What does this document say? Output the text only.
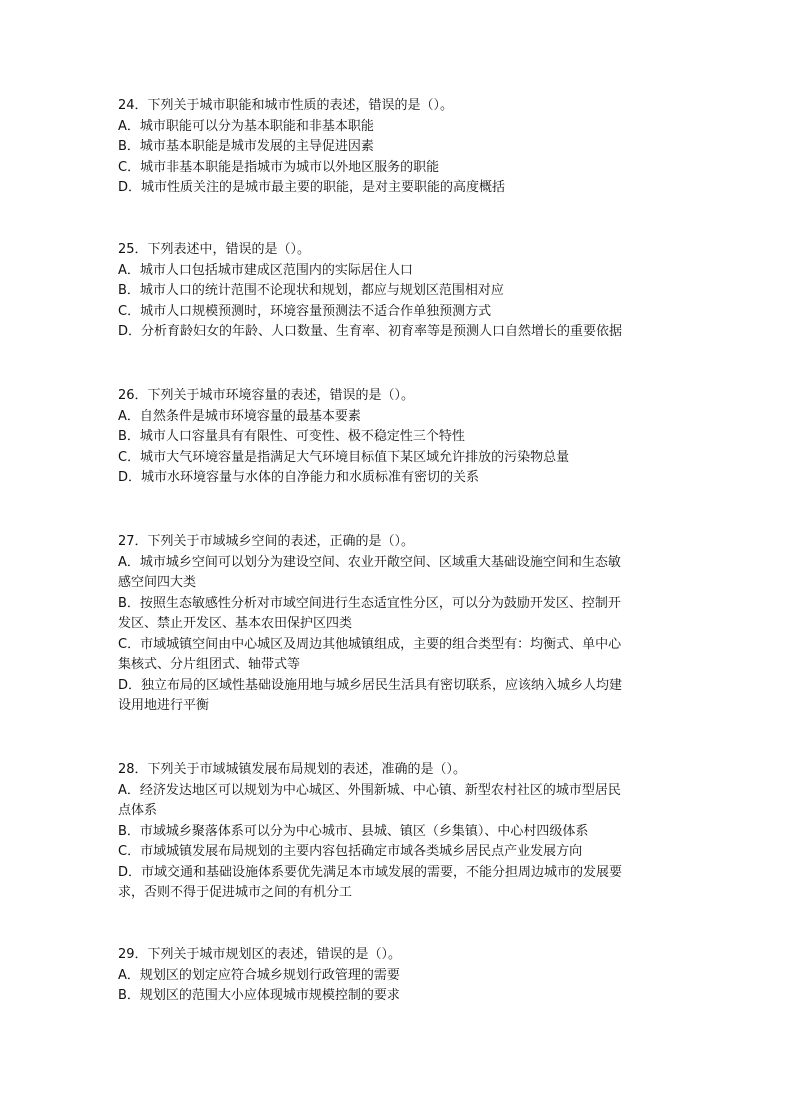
24．下列关于城市职能和城市性质的表述，错误的是（）。
A．城市职能可以分为基本职能和非基本职能
B．城市基本职能是城市发展的主导促进因素
C．城市非基本职能是指城市为城市以外地区服务的职能
D．城市性质关注的是城市最主要的职能，是对主要职能的高度概括
25．下列表述中，错误的是（）。
A．城市人口包括城市建成区范围内的实际居住人口
B．城市人口的统计范围不论现状和规划，都应与规划区范围相对应
C．城市人口规模预测时，环境容量预测法不适合作单独预测方式
D．分析育龄妇女的年龄、人口数量、生育率、初育率等是预测人口自然增长的重要依据
26．下列关于城市环境容量的表述，错误的是（）。
A．自然条件是城市环境容量的最基本要素
B．城市人口容量具有有限性、可变性、极不稳定性三个特性
C．城市大气环境容量是指满足大气环境目标值下某区域允许排放的污染物总量
D．城市水环境容量与水体的自净能力和水质标准有密切的关系
27．下列关于市域城乡空间的表述，正确的是（）。
A．城市城乡空间可以划分为建设空间、农业开敞空间、区域重大基础设施空间和生态敏
感空间四大类
B．按照生态敏感性分析对市域空间进行生态适宜性分区，可以分为鼓励开发区、控制开
发区、禁止开发区、基本农田保护区四类
C．市域城镇空间由中心城区及周边其他城镇组成，主要的组合类型有：均衡式、单中心
集核式、分片组团式、轴带式等
D．独立布局的区域性基础设施用地与城乡居民生活具有密切联系，应该纳入城乡人均建
设用地进行平衡
28．下列关于市域城镇发展布局规划的表述，准确的是（）。
A．经济发达地区可以规划为中心城区、外围新城、中心镇、新型农村社区的城市型居民
点体系
B．市域城乡聚落体系可以分为中心城市、县城、镇区（乡集镇）、中心村四级体系
C．市域城镇发展布局规划的主要内容包括确定市域各类城乡居民点产业发展方向
D．市域交通和基础设施体系要优先满足本市域发展的需要，不能分担周边城市的发展要
求，否则不得于促进城市之间的有机分工
29．下列关于城市规划区的表述，错误的是（）。
A．规划区的划定应符合城乡规划行政管理的需要
B．规划区的范围大小应体现城市规模控制的要求
